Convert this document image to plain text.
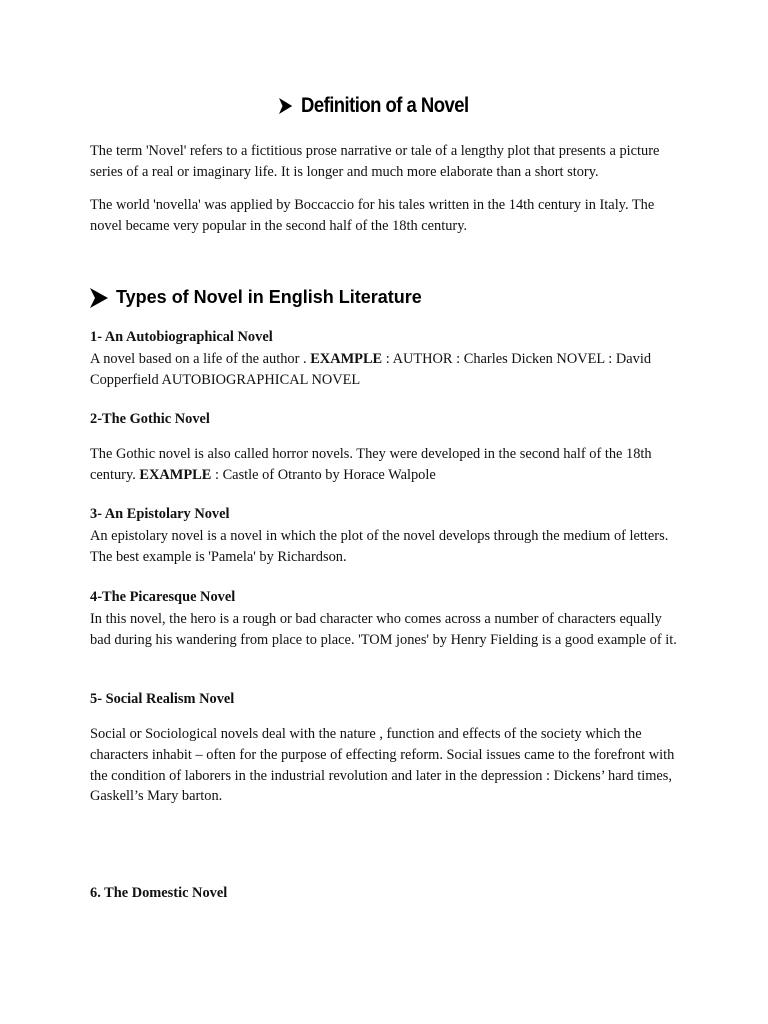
Definition of a Novel

The term 'Novel' refers to a fictitious prose narrative or tale of a lengthy plot that presents a picture series of a real or imaginary life. It is longer and much more elaborate than a short story.

The world 'novella' was applied by Boccaccio for his tales written in the 14th century in Italy. The novel became very popular in the second half of the 18th century.

Types of Novel in English Literature

1- An Autobiographical Novel

A novel based on a life of the author . EXAMPLE : AUTHOR : Charles Dicken NOVEL : David Copperfield AUTOBIOGRAPHICAL NOVEL

2-The Gothic Novel

The Gothic novel is also called horror novels. They were developed in the second half of the 18th century. EXAMPLE : Castle of Otranto by Horace Walpole

3- An Epistolary Novel

An epistolary novel is a novel in which the plot of the novel develops through the medium of letters. The best example is 'Pamela' by Richardson.

4-The Picaresque Novel

In this novel, the hero is a rough or bad character who comes across a number of characters equally bad during his wandering from place to place. 'TOM jones' by Henry Fielding is a good example of it.

5- Social Realism Novel

Social or Sociological novels deal with the nature , function and effects of the society which the characters inhabit – often for the purpose of effecting reform. Social issues came to the forefront with the condition of laborers in the industrial revolution and later in the depression : Dickens’ hard times, Gaskell’s Mary barton.

6. The Domestic Novel
